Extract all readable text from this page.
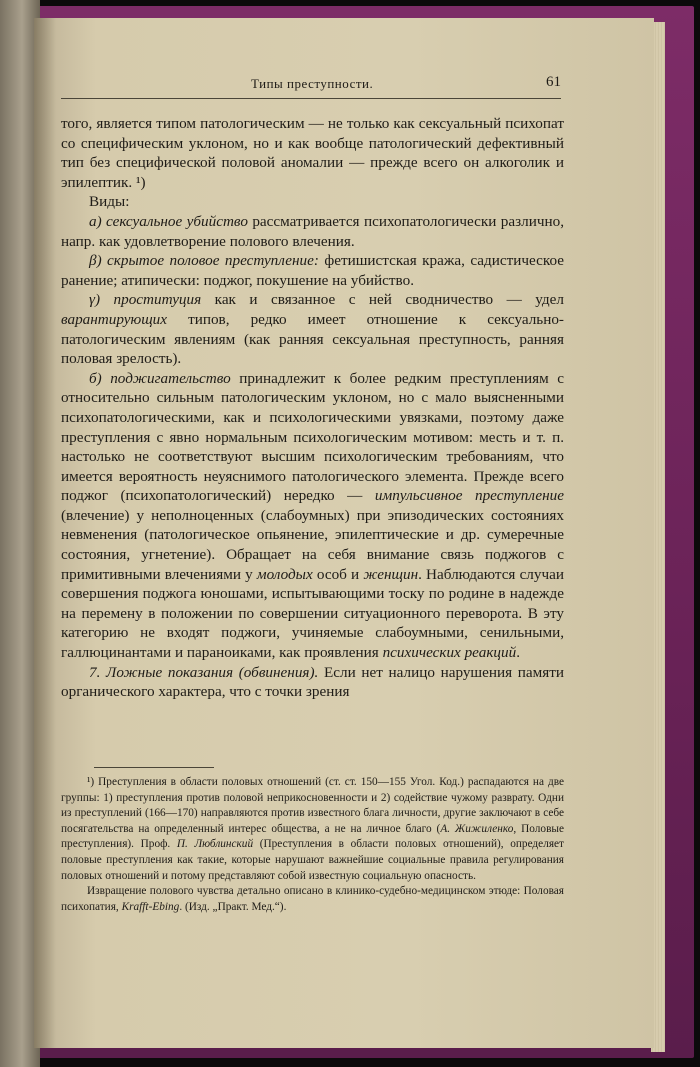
Типы преступности.	61

того, является типом патологическим — не только как сексуальный психопат со специфическим уклоном, но и как вообще патологический дефективный тип без специфической половой аномалии — прежде всего он алкоголик и эпилептик. ¹)

Виды:

а) сексуальное убийство рассматривается психопатологически различно, напр. как удовлетворение полового влечения.

β) скрытое половое преступление: фетишистская кража, садистическое ранение; атипически: поджог, покушение на убийство.

γ) проституция как и связанное с ней сводничество — удел варантирующих типов, редко имеет отношение к сексуально-патологическим явлениям (как ранняя сексуальная преступность, ранняя половая зрелость).

б) поджигательство принадлежит к более редким преступлениям с относительно сильным патологическим уклоном, но с мало выясненными психопатологическими, как и психологическими увязками, поэтому даже преступления с явно нормальным психологическим мотивом: месть и т. п. настолько не соответствуют высшим психологическим требованиям, что имеется вероятность неуяснимого патологического элемента. Прежде всего поджог (психопатологический) нередко — импульсивное преступление (влечение) у неполноценных (слабоумных) при эпизодических состояниях невменения (патологическое опьянение, эпилептические и др. сумеречные состояния, угнетение). Обращает на себя внимание связь поджогов с примитивными влечениями у молодых особ и женщин. Наблюдаются случаи совершения поджога юношами, испытывающими тоску по родине в надежде на перемену в положении по совершении ситуационного переворота. В эту категорию не входят поджоги, учиняемые слабоумными, сенильными, галлюцинантами и параноиками, как проявления психических реакций.

7. Ложные показания (обвинения). Если нет налицо нарушения памяти органического характера, что с точки зрения

¹) Преступления в области половых отношений (ст. ст. 150—155 Угол. Код.) распадаются на две группы: 1) преступления против половой неприкосновенности и 2) содействие чужому разврату. Одни из преступлений (166—170) направляются против известного блага личности, другие заключают в себе посягательства на определенный интерес общества, а не на личное благо (А. Жижиленко, Половые преступления). Проф. П. Люблинский (Преступления в области половых отношений), определяет половые преступления как такие, которые нарушают важнейшие социальные правила регулирования половых отношений и потому представляют собой известную социальную опасность.

Извращение полового чувства детально описано в клинико-судебно-медицинском этюде: Половая психопатия, Krafft-Ebing. (Изд. „Практ. Мед.“).
